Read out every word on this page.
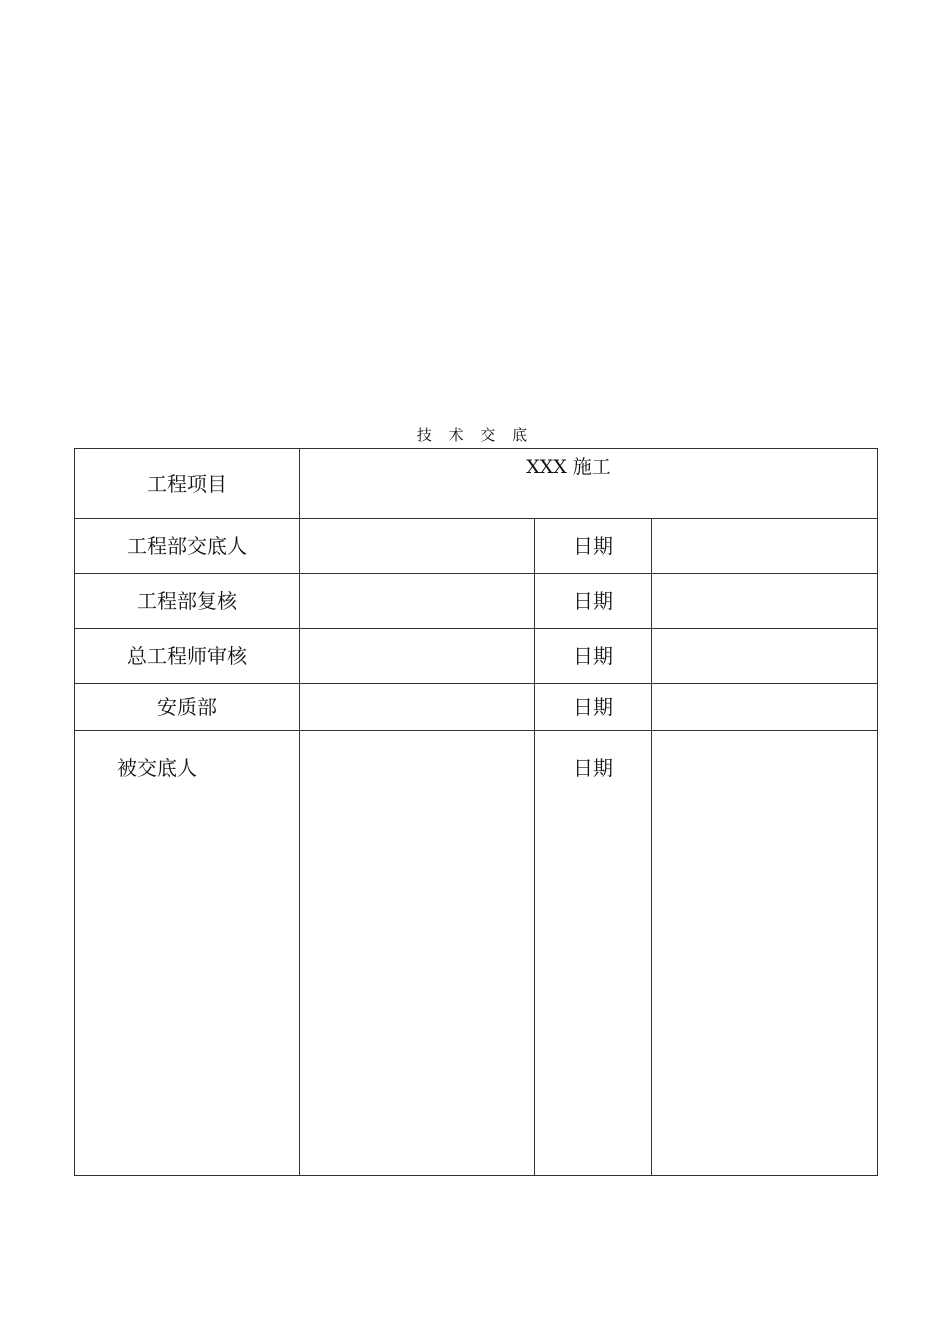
技 术 交 底
工程项目	XXX 施工		
工程部交底人		日期	
工程部复核		日期	
总工程师审核		日期	
安质部		日期	
被交底人		日期	
